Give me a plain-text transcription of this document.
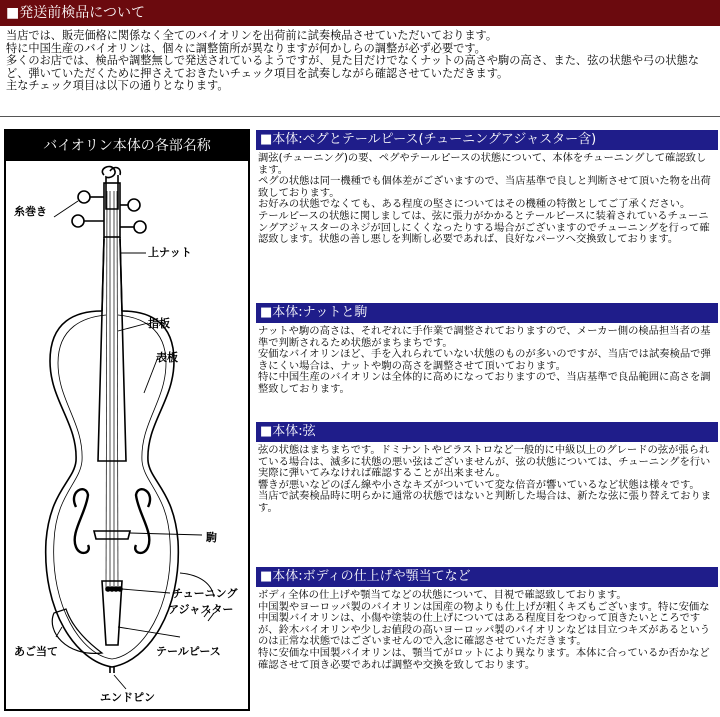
■発送前検品について

当店では、販売価格に関係なく全てのバイオリンを出荷前に試奏検品させていただいております。

特に中国生産のバイオリンは、個々に調整箇所が異なりますが何かしらの調整が必ず必要です。

多くのお店では、検品や調整無しで発送されているようですが、見た目だけでなくナットの高さや駒の高さ、また、弦の状態や弓の状態など、弾いていただくために押さえておきたいチェック項目を試奏しながら確認させていただきます。

主なチェック項目は以下の通りとなります。

バイオリン本体の各部名称
糸巻き
上ナット
指板
表板
駒
チューニング
アジャスター
あご当て	テールピース
エンドピン
■本体:ペグとテールピース(チューニングアジャスター含)

調弦(チューニング)の要、ペグやテールピースの状態について、本体をチューニングして確認致します。

ペグの状態は同一機種でも個体差がございますので、当店基準で良しと判断させて頂いた物を出荷致しております。

お好みの状態でなくても、ある程度の堅さについてはその機種の特徴としてご了承ください。

テールピースの状態に関しましては、弦に張力がかかるとテールピースに装着されているチューニングアジャスターのネジが回しにくくなったりする場合がございますのでチューニングを行って確認致します。状態の善し悪しを判断し必要であれば、良好なパーツへ交換致しております。

■本体:ナットと駒

ナットや駒の高さは、それぞれに手作業で調整されておりますので、メーカー側の検品担当者の基準で判断されるため状態がまちまちです。

安価なバイオリンほど、手を入れられていない状態のものが多いのですが、当店では試奏検品で弾きにくい場合は、ナットや駒の高さを調整させて頂いております。

特に中国生産のバイオリンは全体的に高めになっておりますので、当店基準で良品範囲に高さを調整致しております。

■本体:弦

弦の状態はまちまちです。ドミナントやピラストロなど一般的に中級以上のグレードの弦が張られている場合は、滅多に状態の悪い弦はございませんが、弦の状態については、チューニングを行い実際に弾いてみなければ確認することが出来ません。

響きが悪いなどのぼん線や小さなキズがついていて変な倍音が響いているなど状態は様々です。

当店で試奏検品時に明らかに通常の状態ではないと判断した場合は、新たな弦に張り替えております。

■本体:ボディの仕上げや顎当てなど

ボディ全体の仕上げや顎当てなどの状態について、目視で確認致しております。

中国製やヨーロッパ製のバイオリンは国産の物よりも仕上げが粗くキズもございます。特に安価な中国製バイオリンは、小傷や塗装の仕上げについてはある程度目をつむって頂きたいところですが、鈴木バイオリンや少しお値段の高いヨーロッパ製のバイオリンなどは目立つキズがあるというのは正常な状態ではございませんので入念に確認させていただきます。

特に安価な中国製バイオリンは、顎当てがロットにより異なります。本体に合っているか否かなど確認させて頂き必要であれば調整や交換を致しております。
